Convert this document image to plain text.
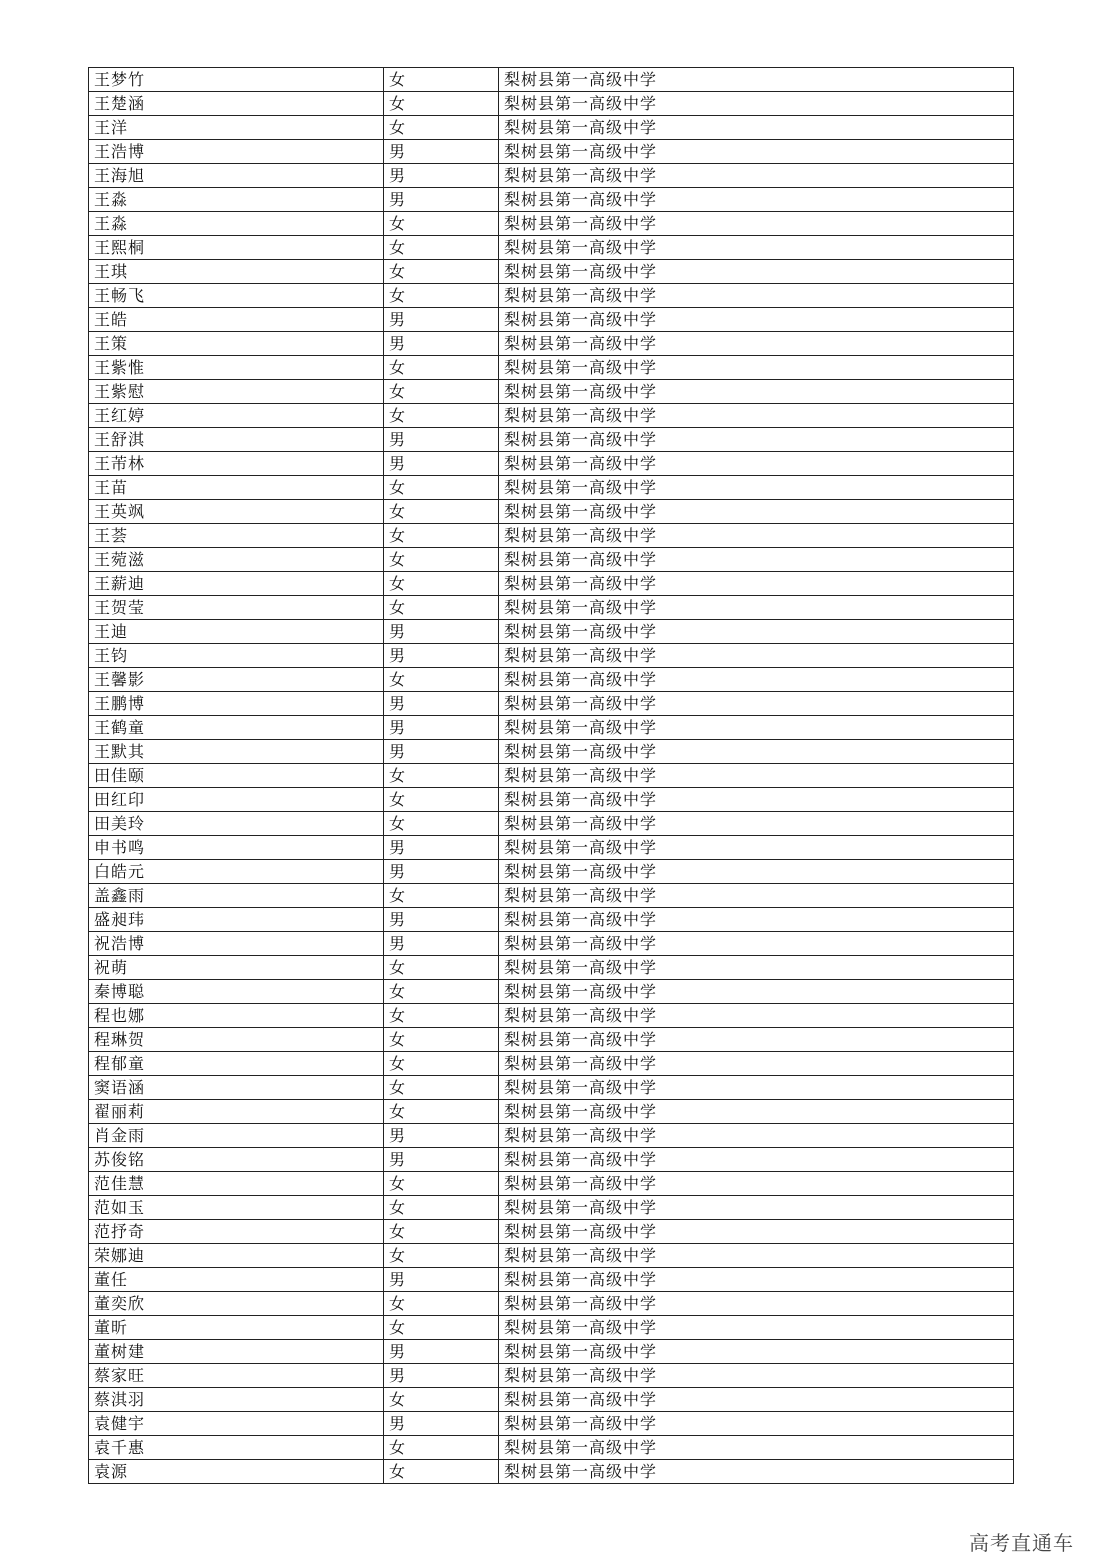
王梦竹	女	梨树县第一高级中学
王楚涵	女	梨树县第一高级中学
王洋	女	梨树县第一高级中学
王浩博	男	梨树县第一高级中学
王海旭	男	梨树县第一高级中学
王淼	男	梨树县第一高级中学
王淼	女	梨树县第一高级中学
王熙桐	女	梨树县第一高级中学
王琪	女	梨树县第一高级中学
王畅飞	女	梨树县第一高级中学
王皓	男	梨树县第一高级中学
王策	男	梨树县第一高级中学
王紫惟	女	梨树县第一高级中学
王紫慰	女	梨树县第一高级中学
王红婷	女	梨树县第一高级中学
王舒淇	男	梨树县第一高级中学
王芾林	男	梨树县第一高级中学
王苗	女	梨树县第一高级中学
王英飒	女	梨树县第一高级中学
王荟	女	梨树县第一高级中学
王菀滋	女	梨树县第一高级中学
王薪迪	女	梨树县第一高级中学
王贺莹	女	梨树县第一高级中学
王迪	男	梨树县第一高级中学
王钧	男	梨树县第一高级中学
王馨影	女	梨树县第一高级中学
王鹏博	男	梨树县第一高级中学
王鹤童	男	梨树县第一高级中学
王默其	男	梨树县第一高级中学
田佳颐	女	梨树县第一高级中学
田红印	女	梨树县第一高级中学
田美玲	女	梨树县第一高级中学
申书鸣	男	梨树县第一高级中学
白皓元	男	梨树县第一高级中学
盖鑫雨	女	梨树县第一高级中学
盛昶玮	男	梨树县第一高级中学
祝浩博	男	梨树县第一高级中学
祝萌	女	梨树县第一高级中学
秦博聪	女	梨树县第一高级中学
程也娜	女	梨树县第一高级中学
程琳贺	女	梨树县第一高级中学
程郁童	女	梨树县第一高级中学
窦语涵	女	梨树县第一高级中学
翟丽莉	女	梨树县第一高级中学
肖金雨	男	梨树县第一高级中学
苏俊铭	男	梨树县第一高级中学
范佳慧	女	梨树县第一高级中学
范如玉	女	梨树县第一高级中学
范抒奇	女	梨树县第一高级中学
荣娜迪	女	梨树县第一高级中学
董任	男	梨树县第一高级中学
董奕欣	女	梨树县第一高级中学
董昕	女	梨树县第一高级中学
董树建	男	梨树县第一高级中学
蔡家旺	男	梨树县第一高级中学
蔡淇羽	女	梨树县第一高级中学
袁健宇	男	梨树县第一高级中学
袁千惠	女	梨树县第一高级中学
袁源	女	梨树县第一高级中学
高考直通车
